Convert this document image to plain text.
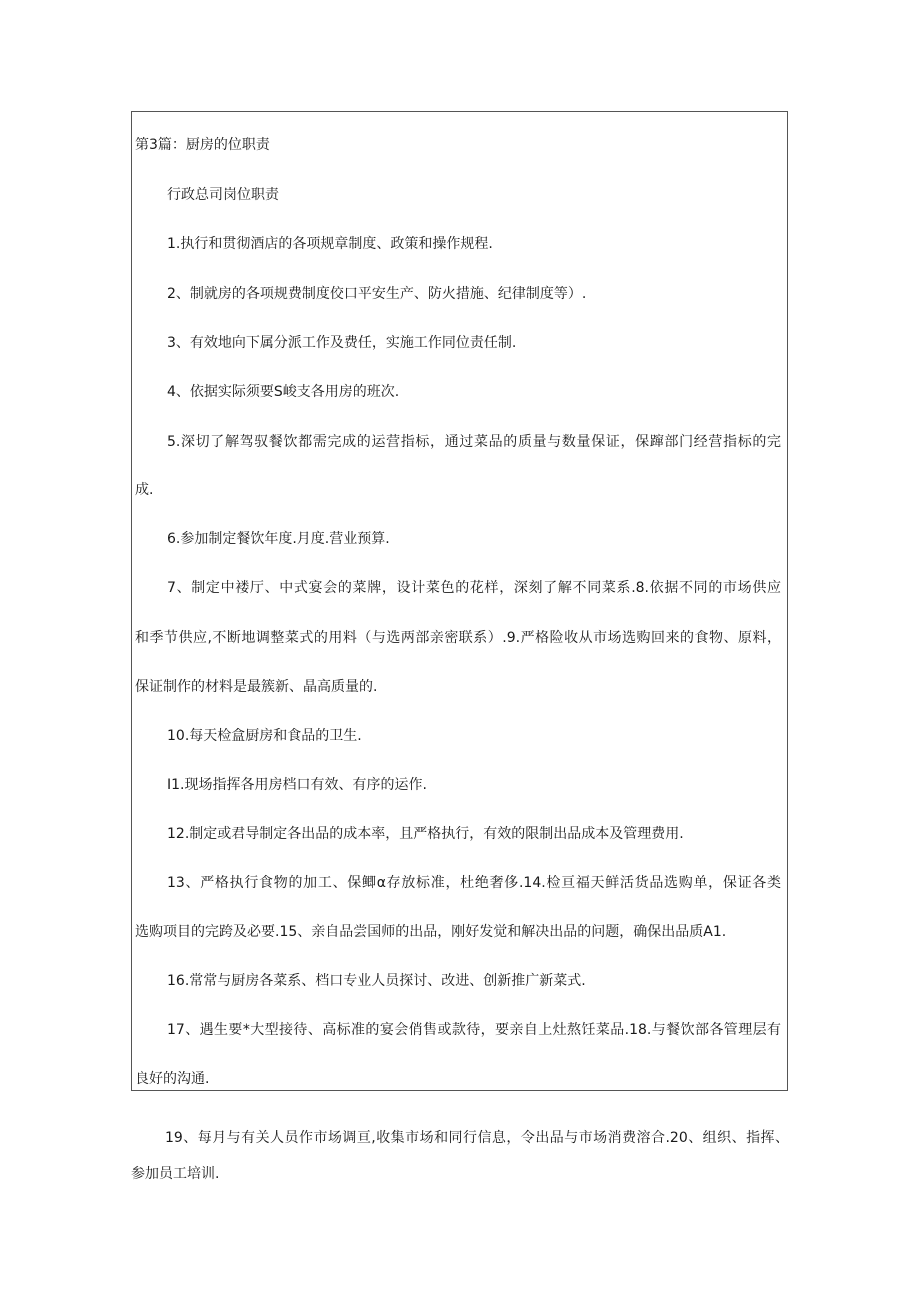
第3篇：厨房的位职责
行政总司岗位职责
1.执行和贯彻酒店的各项规章制度、政策和操作规程.
2、制就房的各项规费制度佼口平安生产、防火措施、纪律制度等）.
3、有效地向下属分派工作及费任，实施工作同位责任制.
4、依据实际须要S峻支各用房的班次.
5.深切了解驾驭餐饮都需完成的运营指标，通过菜品的质量与数量保证，保蹿部门经营指标的完
成.
6.参加制定餐饮年度.月度.营业预算.
7、制定中褛厅、中式宴会的菜牌，设计菜色的花样，深刻了解不同菜系.8.依据不同的市场供应
和季节供应,不断地调整菜式的用料（与选两部亲密联系）.9.严格险收从市场选购回来的食物、原料，
保证制作的材料是最簇新、晶高质量的.
10.每天检盒厨房和食品的卫生.
I1.现场指挥各用房档口有效、有序的运作.
12.制定或君导制定各出品的成本率，且严格执行，有效的限制出品成本及管理费用.
13、严格执行食物的加工、保鲫α存放标准，杜绝奢侈.14.检亘福天鲜活货品选购单，保证各类
选购项目的完跨及必要.15、亲自品尝国师的出品，刚好发觉和解决出品的问题，确保出品质A1.
16.常常与厨房各菜系、档口专业人员探讨、改进、创新推广新菜式.
17、遇生要*大型接待、高标准的宴会俏售或款待，要亲自上灶熬饪菜品.18.与餐饮部各管理层有
良好的沟通.
19、每月与有关人员作市场调亘,收集市场和同行信息，令出品与市场消费溶合.20、组织、指挥、
参加员工培训.
